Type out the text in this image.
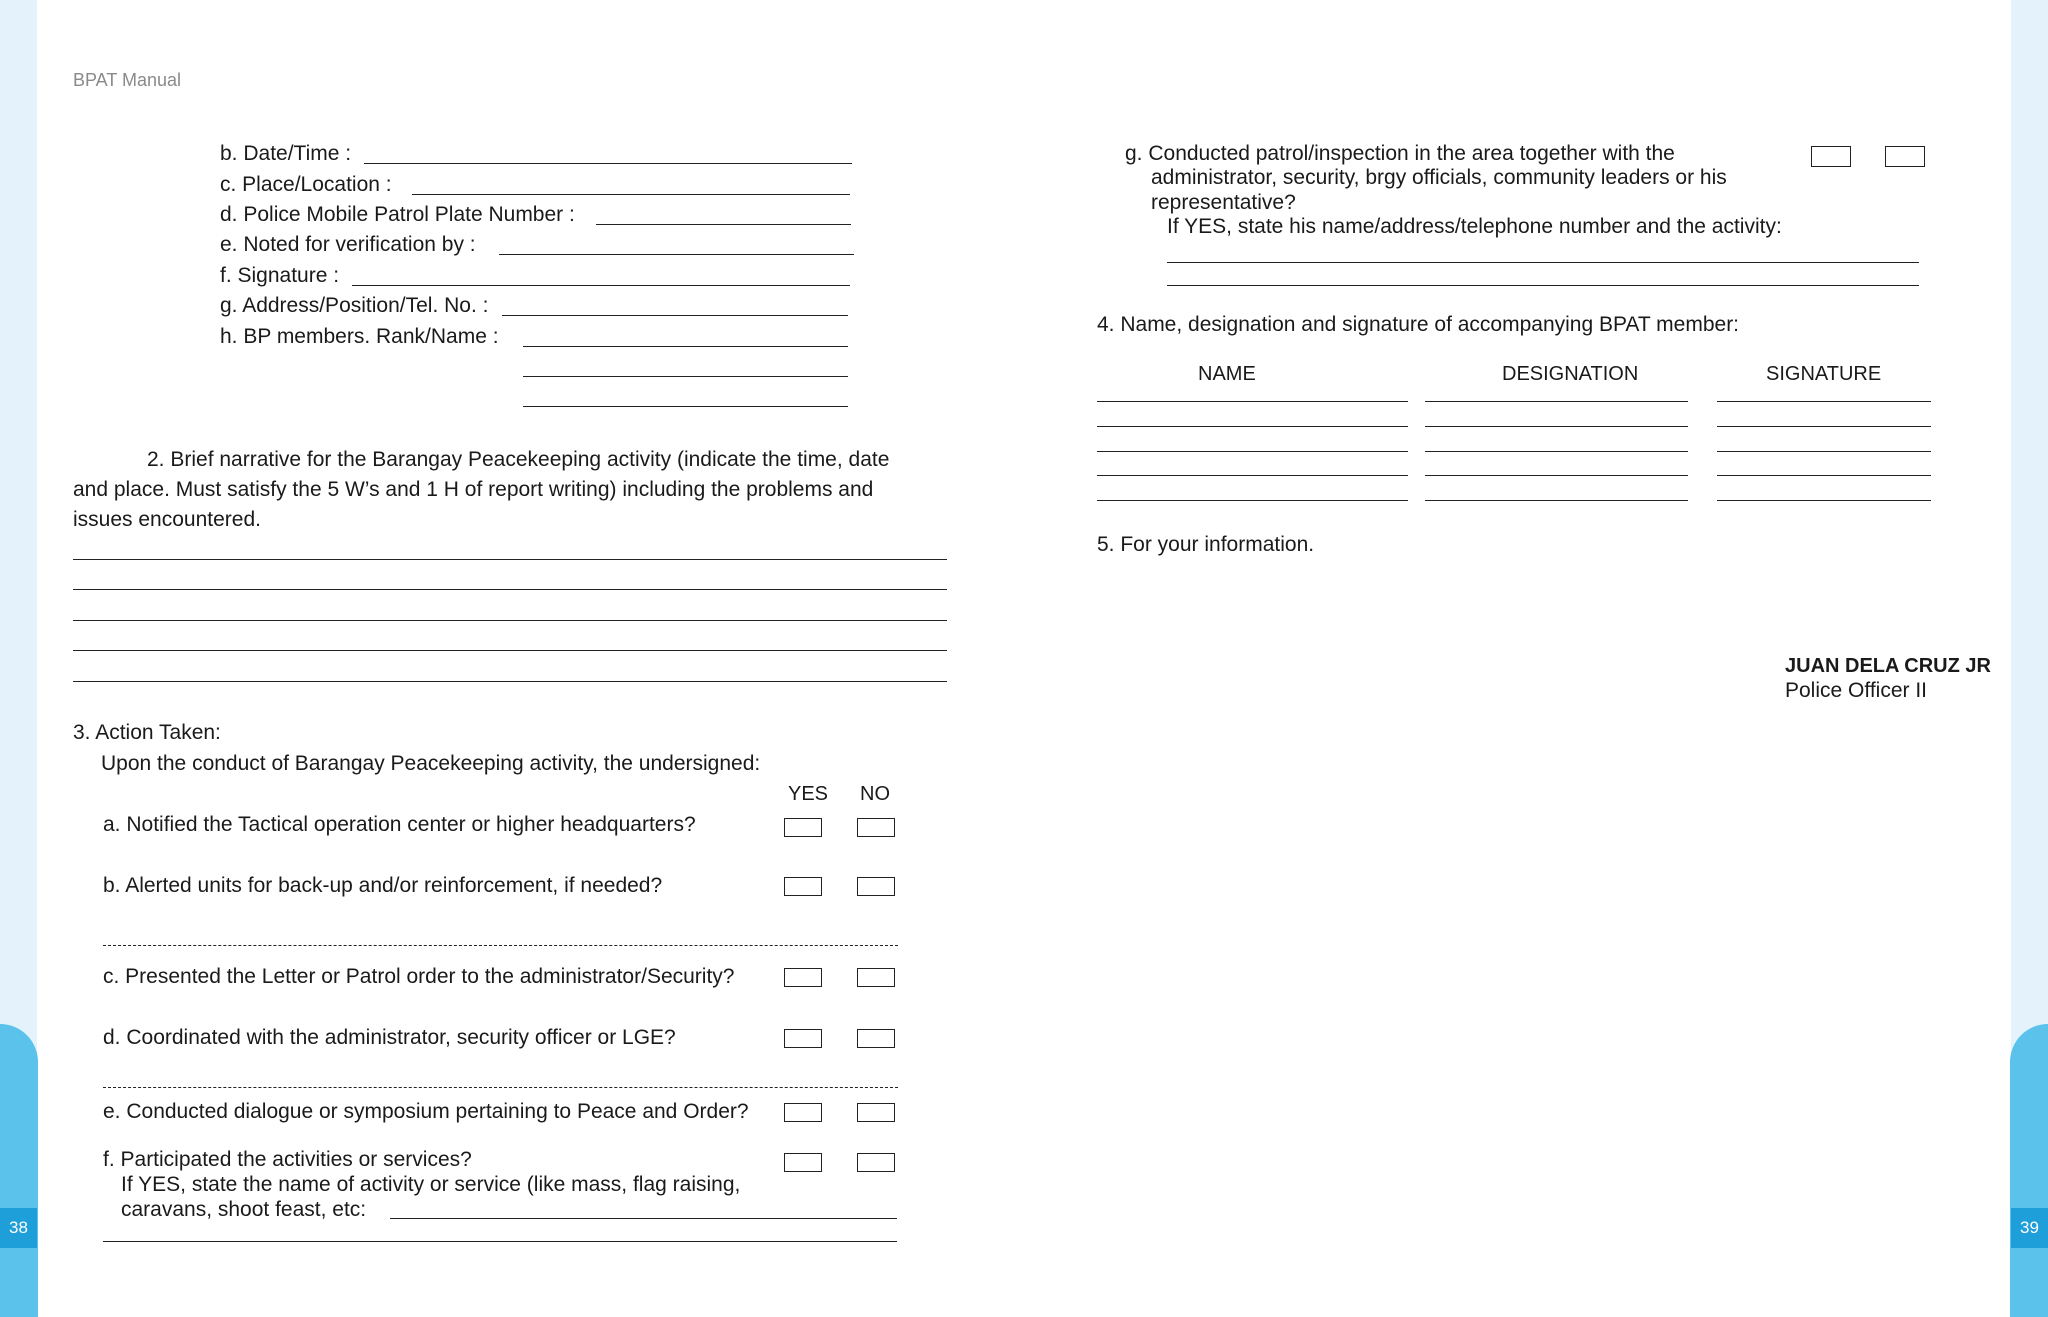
38	39
BPAT Manual
b. Date/Time :
c. Place/Location :
d. Police Mobile Patrol Plate Number :
e. Noted for verification by :
f. Signature :
g. Address/Position/Tel. No. :
h. BP members. Rank/Name :
2. Brief narrative for the Barangay Peacekeeping activity (indicate the time, date
and place. Must satisfy the 5 W’s and 1 H of report writing) including the problems and
issues encountered.
3. Action Taken:
Upon the conduct of Barangay Peacekeeping activity, the undersigned:
YES NO
a. Notified the Tactical operation center or higher headquarters?
b. Alerted units for back-up and/or reinforcement, if needed?
c. Presented the Letter or Patrol order to the administrator/Security?
d. Coordinated with the administrator, security officer or LGE?
e. Conducted dialogue or symposium pertaining to Peace and Order?
f. Participated the activities or services?
If YES, state the name of activity or service (like mass, flag raising,
caravans, shoot feast, etc:
g. Conducted patrol/inspection in the area together with the
administrator, security, brgy officials, community leaders or his
representative?
If YES, state his name/address/telephone number and the activity:
4. Name, designation and signature of accompanying BPAT member:
NAME	DESIGNATION	SIGNATURE
5. For your information.
JUAN DELA CRUZ JR
Police Officer II
